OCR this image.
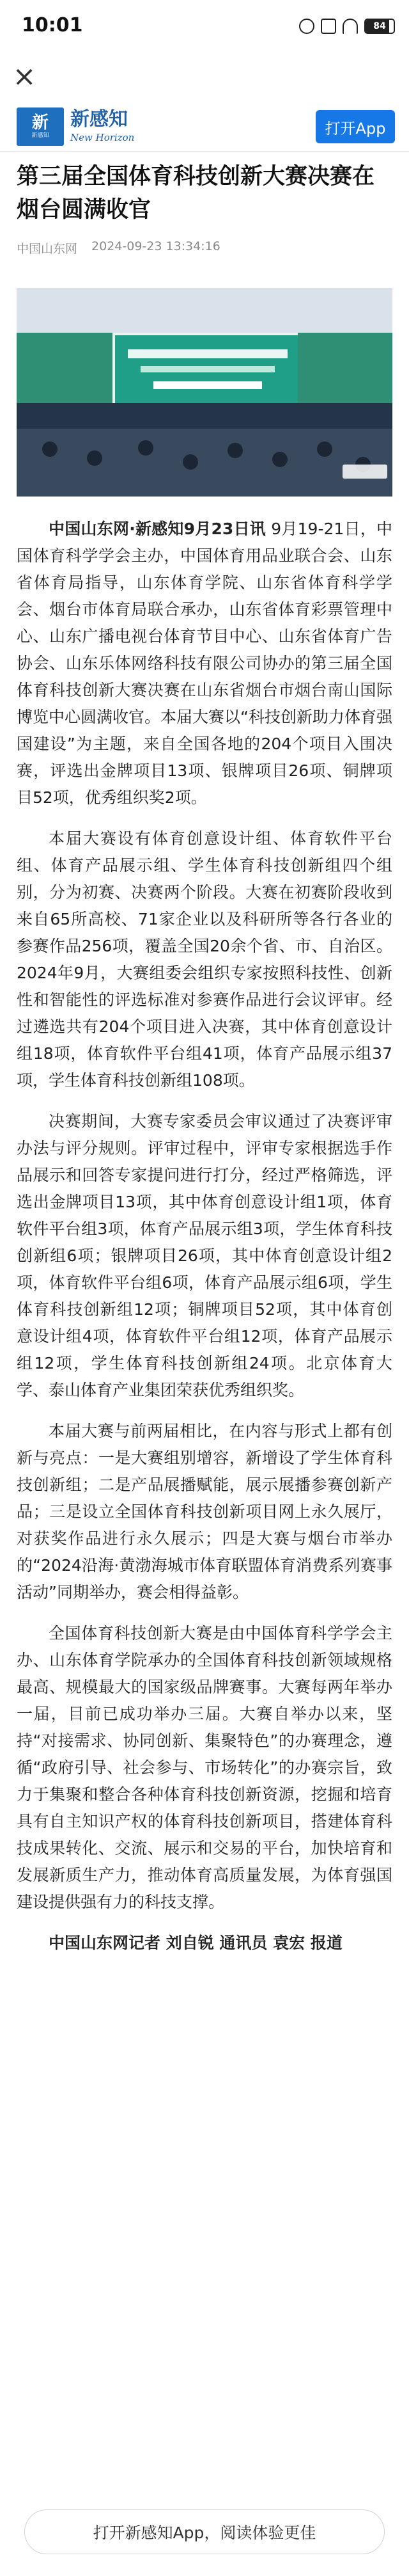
10:01	84
×
新
新感知
新感知
New Horizon
打开App
第三届全国体育科技创新大赛决赛在烟台圆满收官
中国山东网 2024-09-23 13:34:16

中国山东网·新感知9月23日讯 9月19-21日，中国体育科学学会主办，中国体育用品业联合会、山东省体育局指导，山东体育学院、山东省体育科学学会、烟台市体育局联合承办，山东省体育彩票管理中心、山东广播电视台体育节目中心、山东省体育广告协会、山东乐体网络科技有限公司协办的第三届全国体育科技创新大赛决赛在山东省烟台市烟台南山国际博览中心圆满收官。本届大赛以“科技创新助力体育强国建设”为主题，来自全国各地的204个项目入围决赛，评选出金牌项目13项、银牌项目26项、铜牌项目52项，优秀组织奖2项。

本届大赛设有体育创意设计组、体育软件平台组、体育产品展示组、学生体育科技创新组四个组别，分为初赛、决赛两个阶段。大赛在初赛阶段收到来自65所高校、71家企业以及科研所等各行各业的参赛作品256项，覆盖全国20余个省、市、自治区。2024年9月，大赛组委会组织专家按照科技性、创新性和智能性的评选标准对参赛作品进行会议评审。经过遴选共有204个项目进入决赛，其中体育创意设计组18项，体育软件平台组41项，体育产品展示组37项，学生体育科技创新组108项。

决赛期间，大赛专家委员会审议通过了决赛评审办法与评分规则。评审过程中，评审专家根据选手作品展示和回答专家提问进行打分，经过严格筛选，评选出金牌项目13项，其中体育创意设计组1项，体育软件平台组3项，体育产品展示组3项，学生体育科技创新组6项；银牌项目26项，其中体育创意设计组2项，体育软件平台组6项，体育产品展示组6项，学生体育科技创新组12项；铜牌项目52项，其中体育创意设计组4项，体育软件平台组12项，体育产品展示组12项，学生体育科技创新组24项。北京体育大学、泰山体育产业集团荣获优秀组织奖。

本届大赛与前两届相比，在内容与形式上都有创新与亮点：一是大赛组别增容，新增设了学生体育科技创新组；二是产品展播赋能，展示展播参赛创新产品；三是设立全国体育科技创新项目网上永久展厅，对获奖作品进行永久展示；四是大赛与烟台市举办的“2024沿海·黄渤海城市体育联盟体育消费系列赛事活动”同期举办，赛会相得益彰。

全国体育科技创新大赛是由中国体育科学学会主办、山东体育学院承办的全国体育科技创新领域规格最高、规模最大的国家级品牌赛事。大赛每两年举办一届，目前已成功举办三届。大赛自举办以来，坚持“对接需求、协同创新、集聚特色”的办赛理念，遵循“政府引导、社会参与、市场转化”的办赛宗旨，致力于集聚和整合各种体育科技创新资源，挖掘和培育具有自主知识产权的体育科技创新项目，搭建体育科技成果转化、交流、展示和交易的平台，加快培育和发展新质生产力，推动体育高质量发展，为体育强国建设提供强有力的科技支撑。

中国山东网记者 刘自锐 通讯员 袁宏 报道

打开新感知App，阅读体验更佳
